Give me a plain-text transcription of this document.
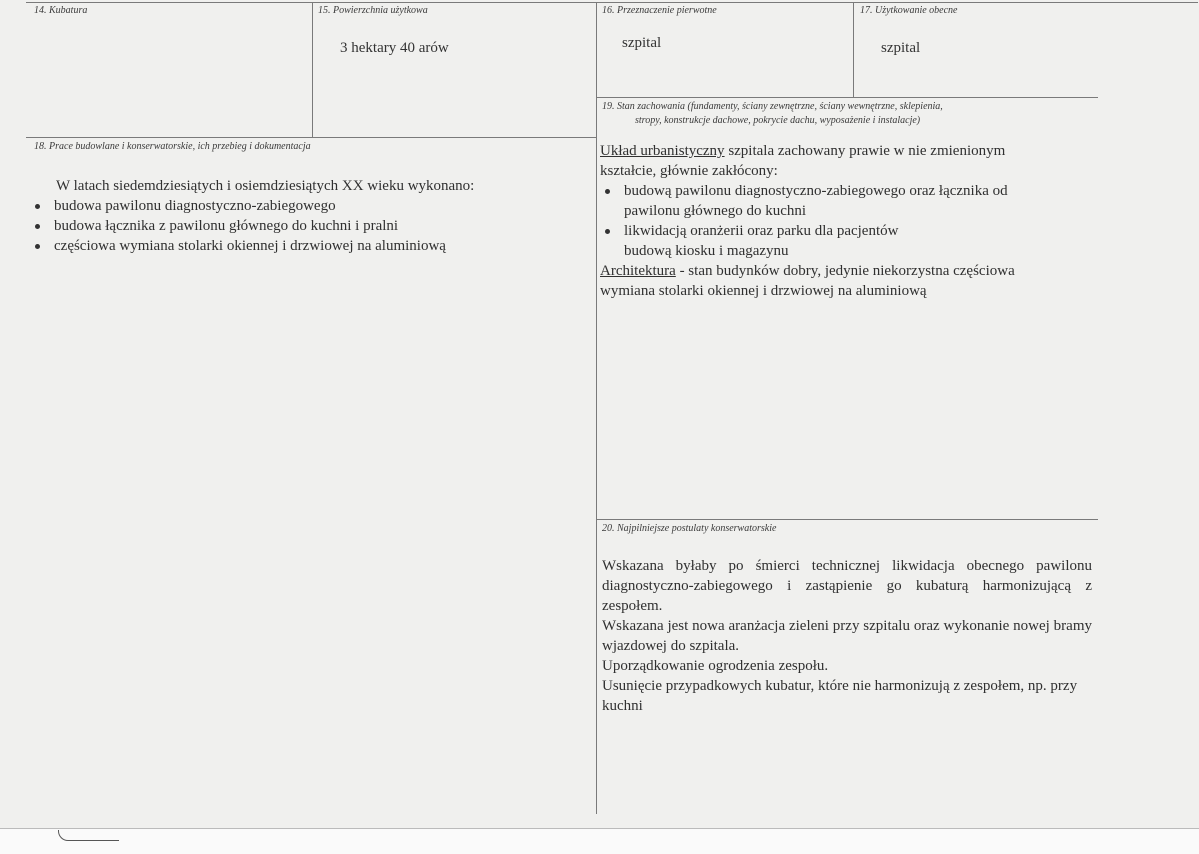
14. Kubatura	15. Powierzchnia użytkowa
3 hektary 40 arów
16. Przeznaczenie pierwotne
szpital
17. Użytkowanie obecne
szpital
19. Stan zachowania (fundamenty, ściany zewnętrzne, ściany wewnętrzne, sklepienia,
stropy, konstrukcje dachowe, pokrycie dachu, wyposażenie i instalacje)
Układ urbanistyczny szpitala zachowany prawie w nie zmienionym
kształcie, głównie zakłócony:
budową pawilonu diagnostyczno-zabiegowego oraz łącznika od pawilonu głównego do kuchni
likwidacją oranżerii oraz parku dla pacjentów
budową kiosku i magazynu
Architektura - stan budynków dobry, jedynie niekorzystna częściowa
wymiana stolarki okiennej i drzwiowej na aluminiową
18. Prace budowlane i konserwatorskie, ich przebieg i dokumentacja
W latach siedemdziesiątych i osiemdziesiątych XX wieku wykonano:
budowa pawilonu diagnostyczno-zabiegowego
budowa łącznika z pawilonu głównego do kuchni i pralni
częściowa wymiana stolarki okiennej i drzwiowej na aluminiową
20. Najpilniejsze postulaty konserwatorskie
Wskazana byłaby po śmierci technicznej likwidacja obecnego pawilonu diagnostyczno-zabiegowego i zastąpienie go kubaturą harmonizującą z zespołem.
Wskazana jest nowa aranżacja zieleni przy szpitalu oraz wykonanie nowej bramy wjazdowej do szpitala.
Uporządkowanie ogrodzenia zespołu.
Usunięcie przypadkowych kubatur, które nie harmonizują z zespołem, np. przy kuchni
